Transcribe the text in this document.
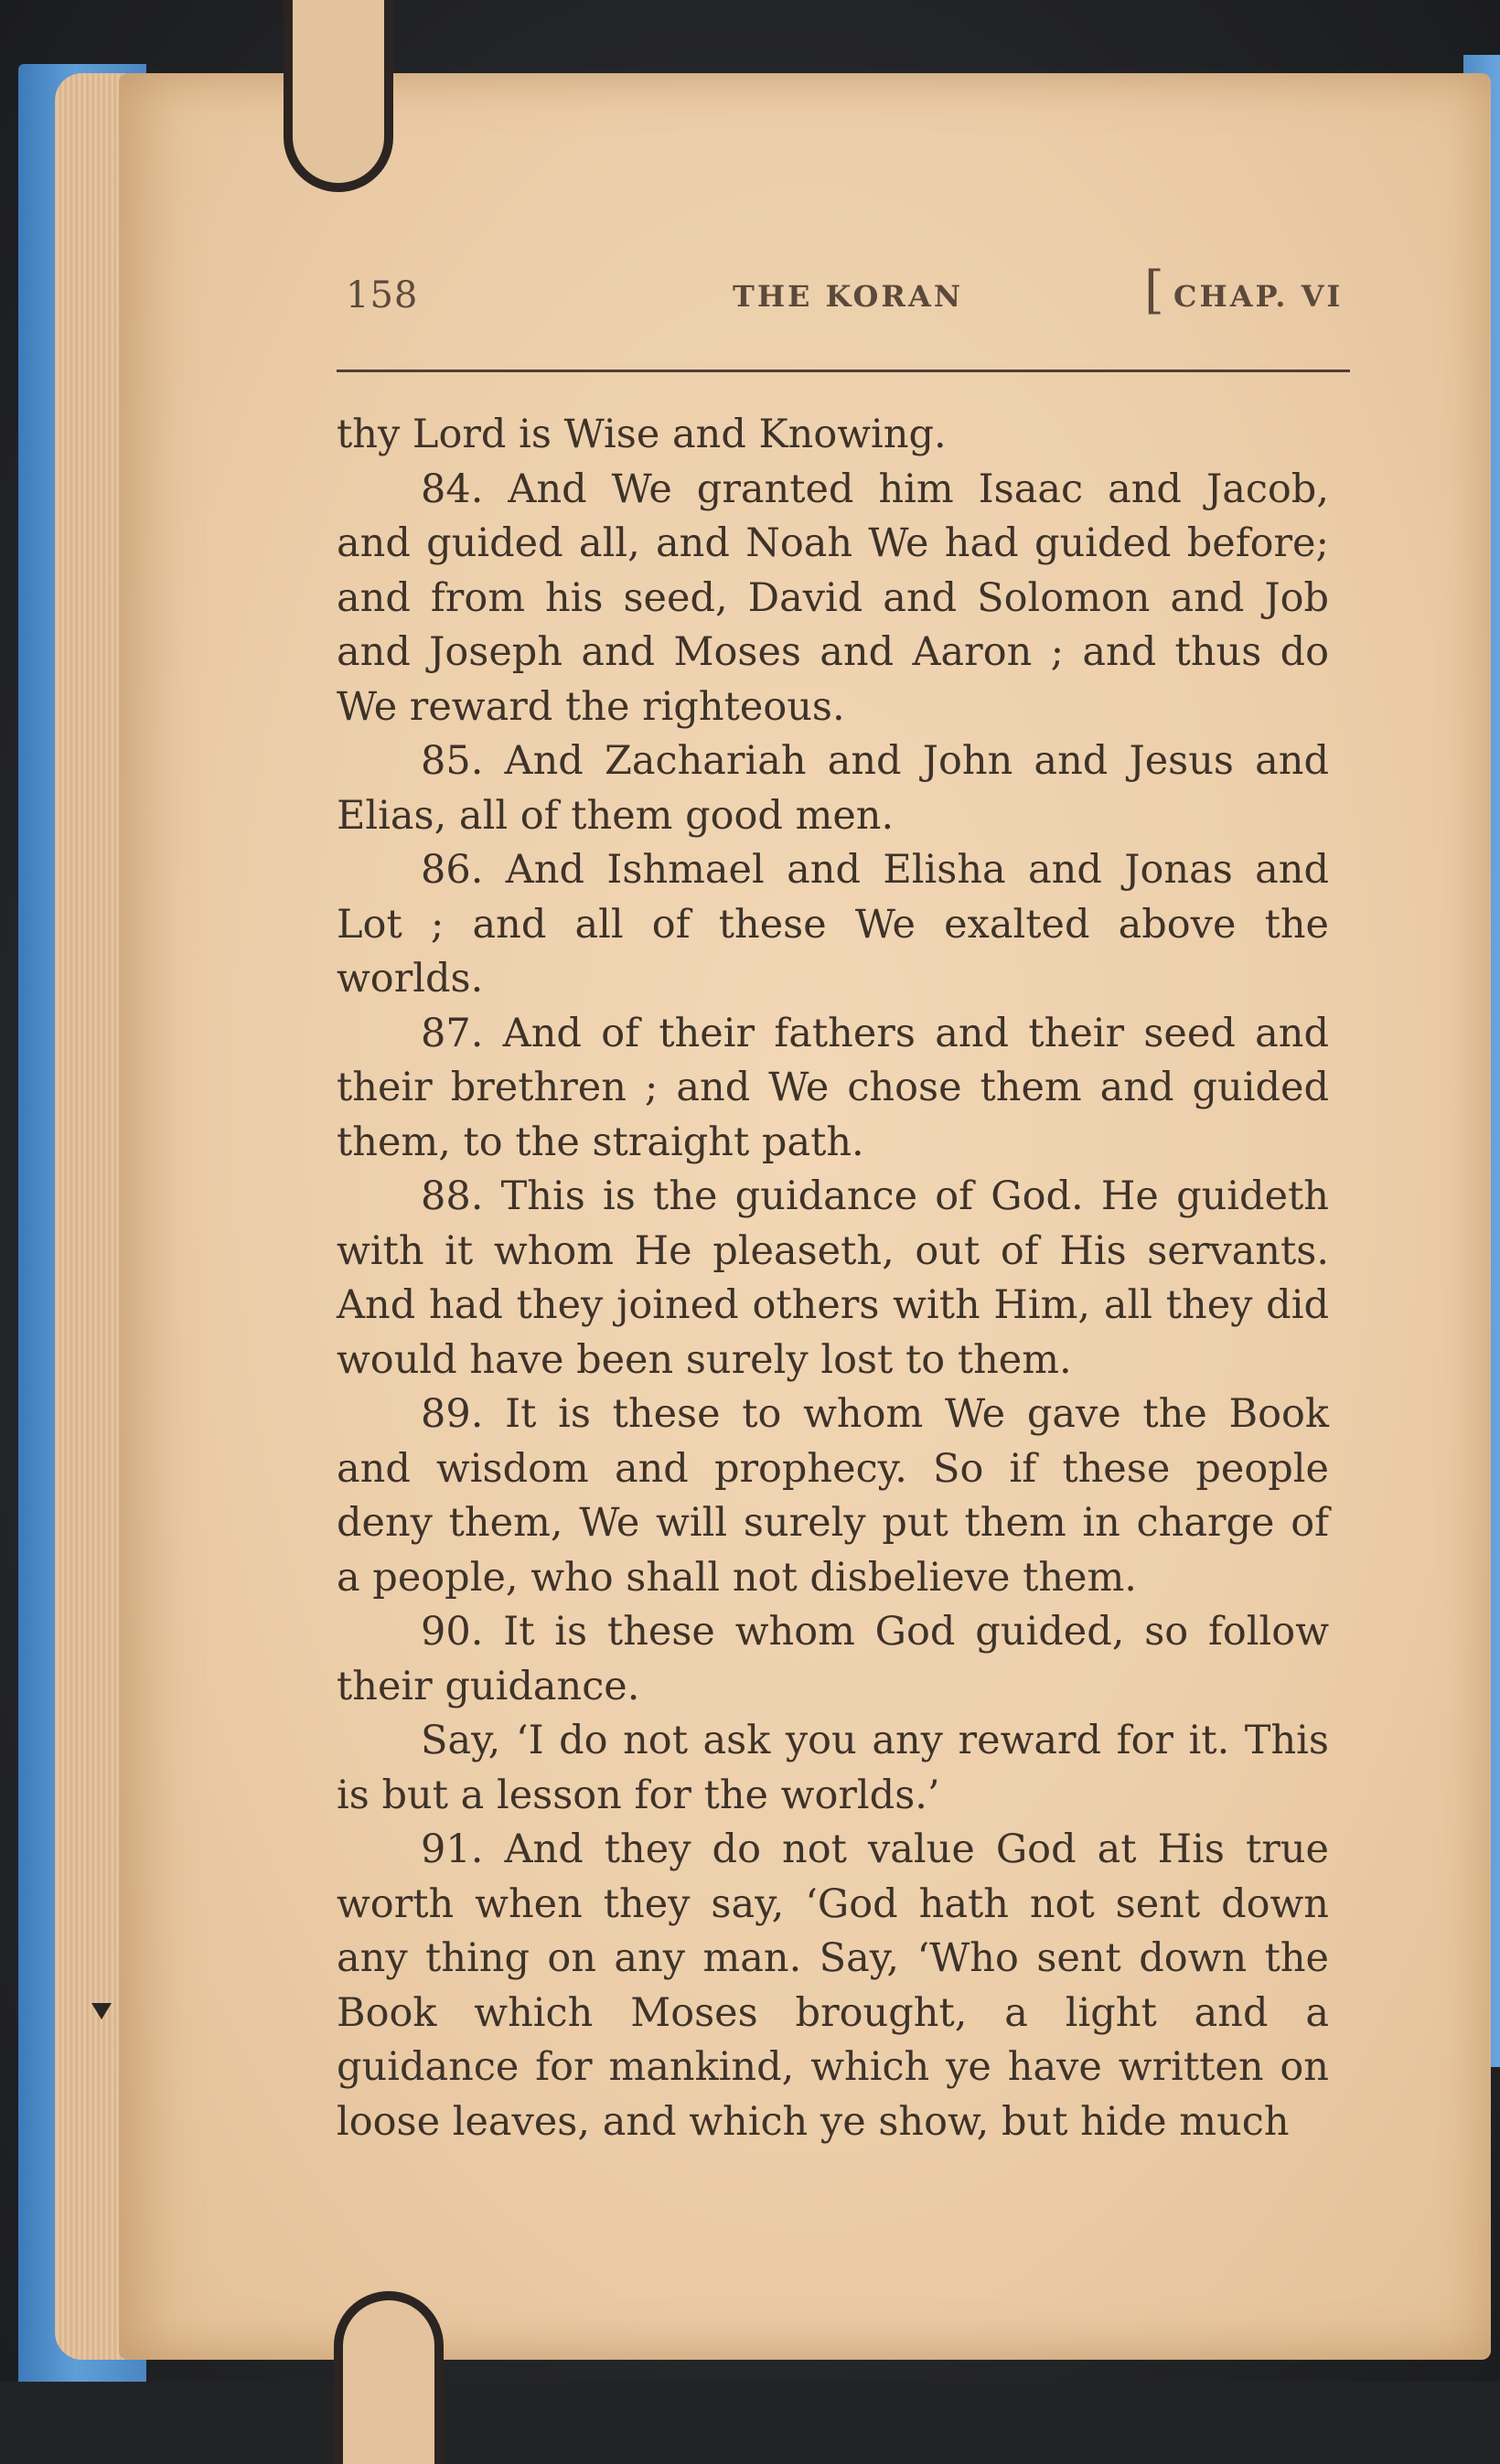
158	THE KORAN	[ CHAP. VI

thy Lord is Wise and Knowing.

84. And We granted him Isaac and Jacob, and guided all, and Noah We had guided before; and from his seed, David and Solomon and Job and Joseph and Moses and Aaron ; and thus do We reward the righteous.

85. And Zachariah and John and Jesus and Elias, all of them good men.

86. And Ishmael and Elisha and Jonas and Lot ; and all of these We exalted above the worlds.

87. And of their fathers and their seed and their brethren ; and We chose them and guided them, to the straight path.

88. This is the guidance of God. He guideth with it whom He pleaseth, out of His servants. And had they joined others with Him, all they did would have been surely lost to them.

89. It is these to whom We gave the Book and wisdom and prophecy. So if these people deny them, We will surely put them in charge of a people, who shall not disbelieve them.

90. It is these whom God guided, so follow their guidance.

Say, ‘I do not ask you any reward for it. This is but a lesson for the worlds.’

91. And they do not value God at His true worth when they say, ‘God hath not sent down any thing on any man. Say, ‘Who sent down the Book which Moses brought, a light and a guidance for mankind, which ye have written on loose leaves, and which ye show, but hide much
